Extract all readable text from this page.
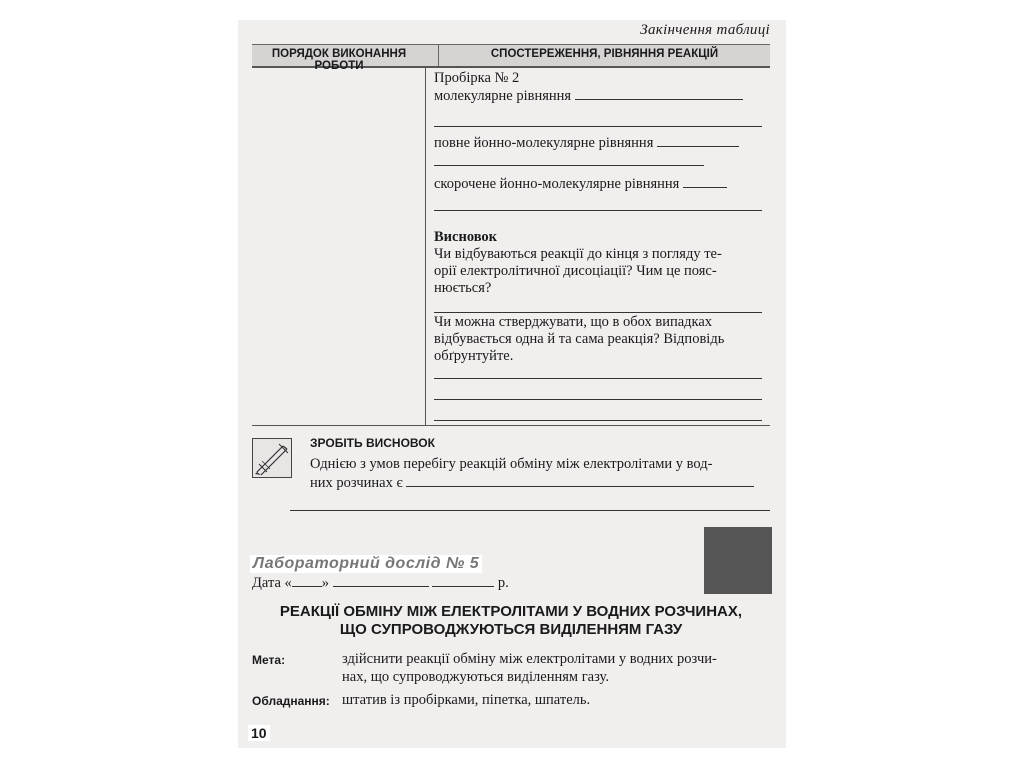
Закінчення таблиці
ПОРЯДОК ВИКОНАННЯ РОБОТИ
СПОСТЕРЕЖЕННЯ, РІВНЯННЯ РЕАКЦІЙ
Пробірка № 2
молекулярне рівняння
повне йонно-молекулярне рівняння
скорочене йонно-молекулярне рівняння
Висновок
Чи відбуваються реакції до кінця з погляду те-
орії електролітичної дисоціації? Чим це пояс-
нюється?
Чи можна стверджувати, що в обох випадках
відбувається одна й та сама реакція? Відповідь
обґрунтуйте.
ЗРОБІТЬ ВИСНОВОК
Однією з умов перебігу реакцій обміну між електролітами у вод-
них розчинах є
Лабораторний дослід № 5
Дата « »	р.
РЕАКЦІЇ ОБМІНУ МІЖ ЕЛЕКТРОЛІТАМИ У ВОДНИХ РОЗЧИНАХ,
ЩО СУПРОВОДЖУЮТЬСЯ ВИДІЛЕННЯМ ГАЗУ
Мета:	здійснити реакції обміну між електролітами у водних розчи-
нах, що супроводжуються виділенням газу.
Обладнання: штатив із пробірками, піпетка, шпатель.
10
